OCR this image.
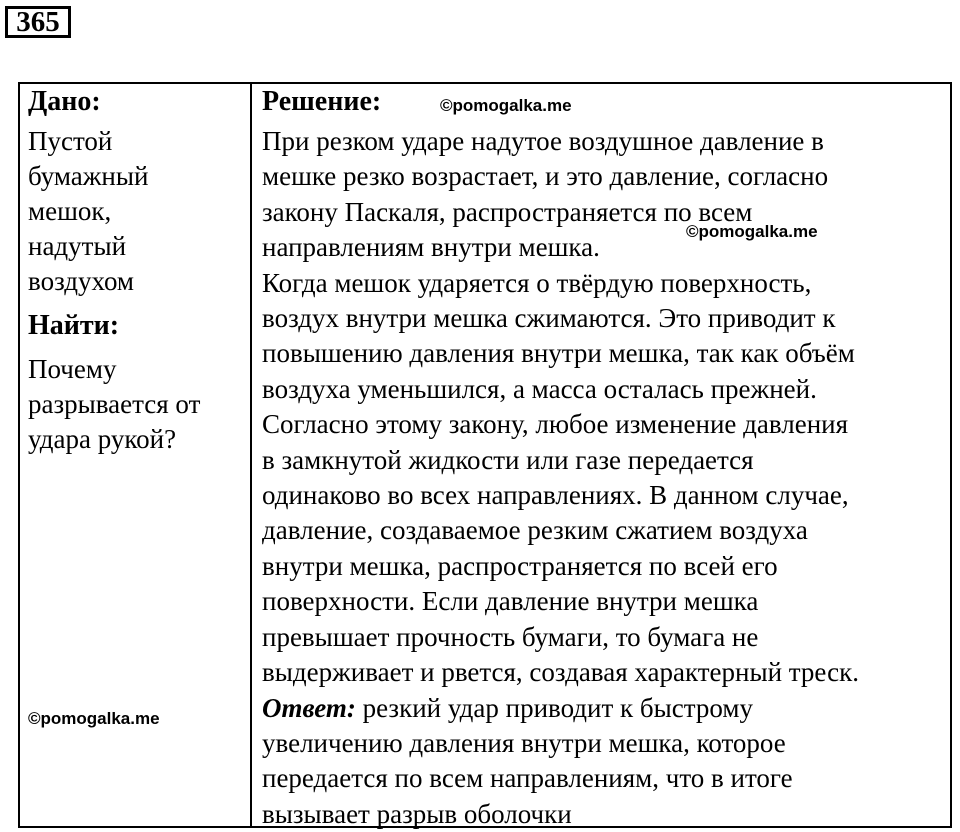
365

Дано:

Пустой
бумажный
мешок,
надутый
воздухом

Найти:

Почему
разрывается от
удара рукой?

Решение:

При резком ударе надутое воздушное давление в
мешке резко возрастает, и это давление, согласно
закону Паскаля, распространяется по всем
направлениям внутри мешка.
Когда мешок ударяется о твёрдую поверхность,
воздух внутри мешка сжимаются. Это приводит к
повышению давления внутри мешка, так как объём
воздуха уменьшился, а масса осталась прежней.
Согласно этому закону, любое изменение давления
в замкнутой жидкости или газе передается
одинаково во всех направлениях. В данном случае,
давление, создаваемое резким сжатием воздуха
внутри мешка, распространяется по всей его
поверхности. Если давление внутри мешка
превышает прочность бумаги, то бумага не
выдерживает и рвется, создавая характерный треск.
Ответ: резкий удар приводит к быстрому
увеличению давления внутри мешка, которое
передается по всем направлениям, что в итоге
вызывает разрыв оболочки
©pomogalka.me
©pomogalka.me
©pomogalka.me
